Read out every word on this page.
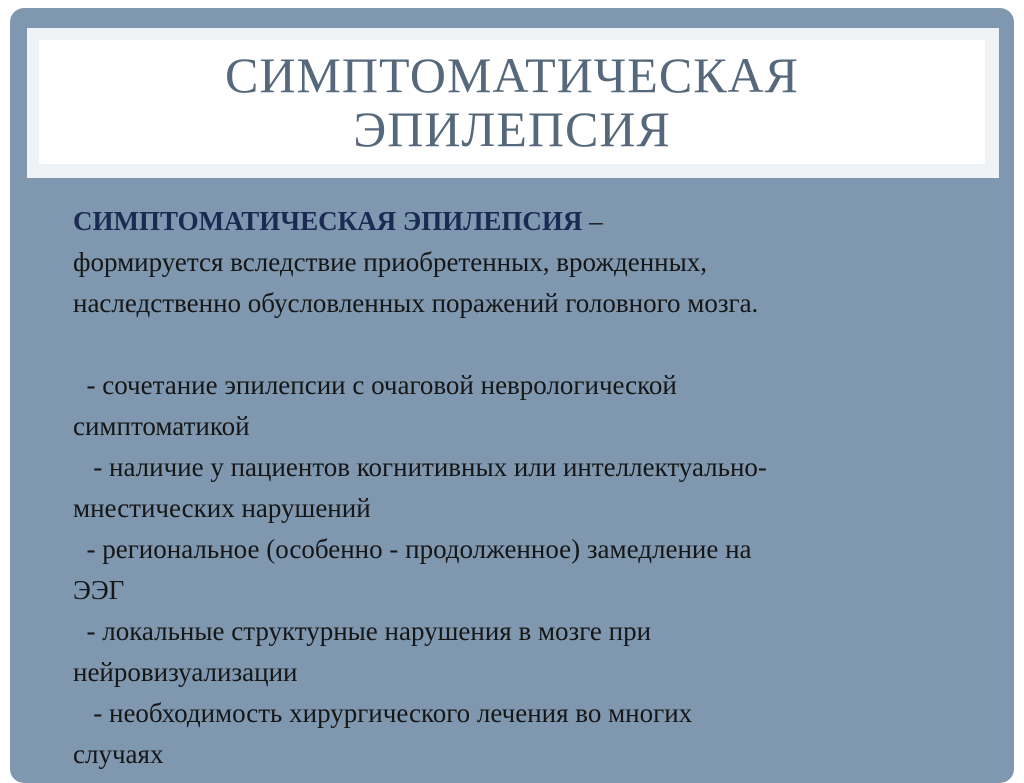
СИМПТОМАТИЧЕСКАЯ
ЭПИЛЕПСИЯ

СИМПТОМАТИЧЕСКАЯ ЭПИЛЕПСИЯ –

формируется вследствие приобретенных, врожденных,

наследственно обусловленных поражений головного мозга.

- сочетание эпилепсии с очаговой неврологической

симптоматикой

- наличие у пациентов когнитивных или интеллектуально-

мнестических нарушений

- региональное (особенно - продолженное) замедление на

ЭЭГ

- локальные структурные нарушения в мозге при

нейровизуализации

- необходимость хирургического лечения во многих

случаях
